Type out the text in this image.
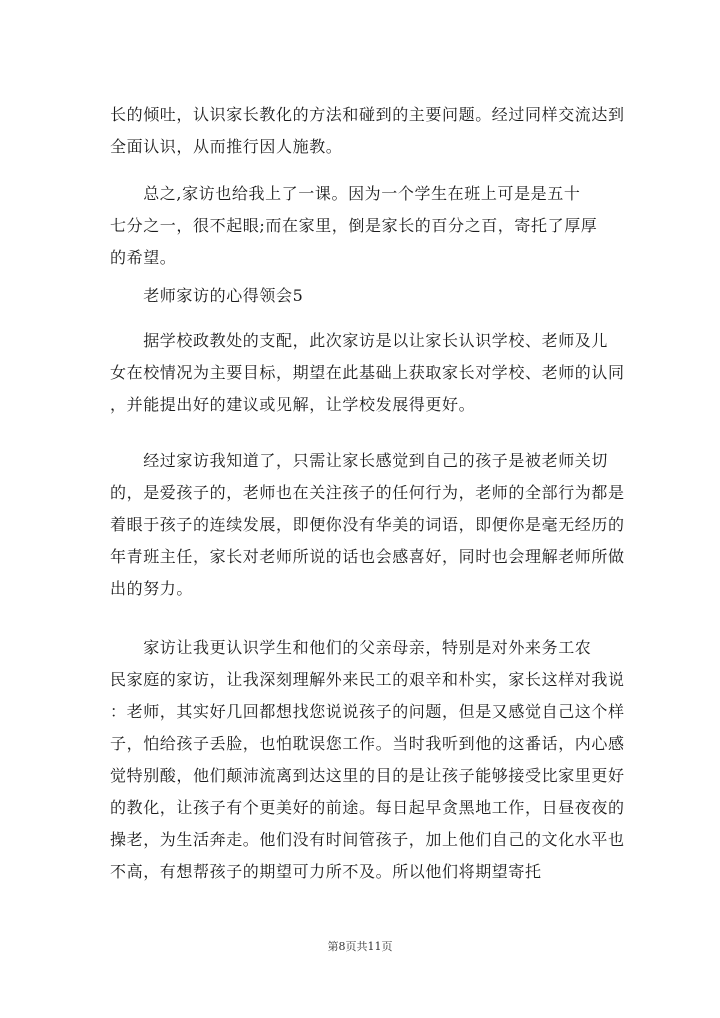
长的倾吐，认识家长教化的方法和碰到的主要问题。经过同样交流达到
全面认识，从而推行因人施教。
　　总之,家访也给我上了一课。因为一个学生在班上可是是五十
七分之一，很不起眼;而在家里，倒是家长的百分之百，寄托了厚厚
的希望。
　　老师家访的心得领会5
　　据学校政教处的支配，此次家访是以让家长认识学校、老师及儿
女在校情况为主要目标，期望在此基础上获取家长对学校、老师的认同
，并能提出好的建议或见解，让学校发展得更好。
　　经过家访我知道了，只需让家长感觉到自己的孩子是被老师关切
的，是爱孩子的，老师也在关注孩子的任何行为，老师的全部行为都是
着眼于孩子的连续发展，即便你没有华美的词语，即便你是毫无经历的
年青班主任，家长对老师所说的话也会感喜好，同时也会理解老师所做
出的努力。
　　家访让我更认识学生和他们的父亲母亲，特别是对外来务工农
民家庭的家访，让我深刻理解外来民工的艰辛和朴实，家长这样对我说
：老师，其实好几回都想找您说说孩子的问题，但是又感觉自己这个样
子，怕给孩子丢脸，也怕耽误您工作。当时我听到他的这番话，内心感
觉特别酸，他们颠沛流离到达这里的目的是让孩子能够接受比家里更好
的教化，让孩子有个更美好的前途。每日起早贪黑地工作，日昼夜夜的
操老，为生活奔走。他们没有时间管孩子，加上他们自己的文化水平也
不高，有想帮孩子的期望可力所不及。所以他们将期望寄托
第8页共11页
